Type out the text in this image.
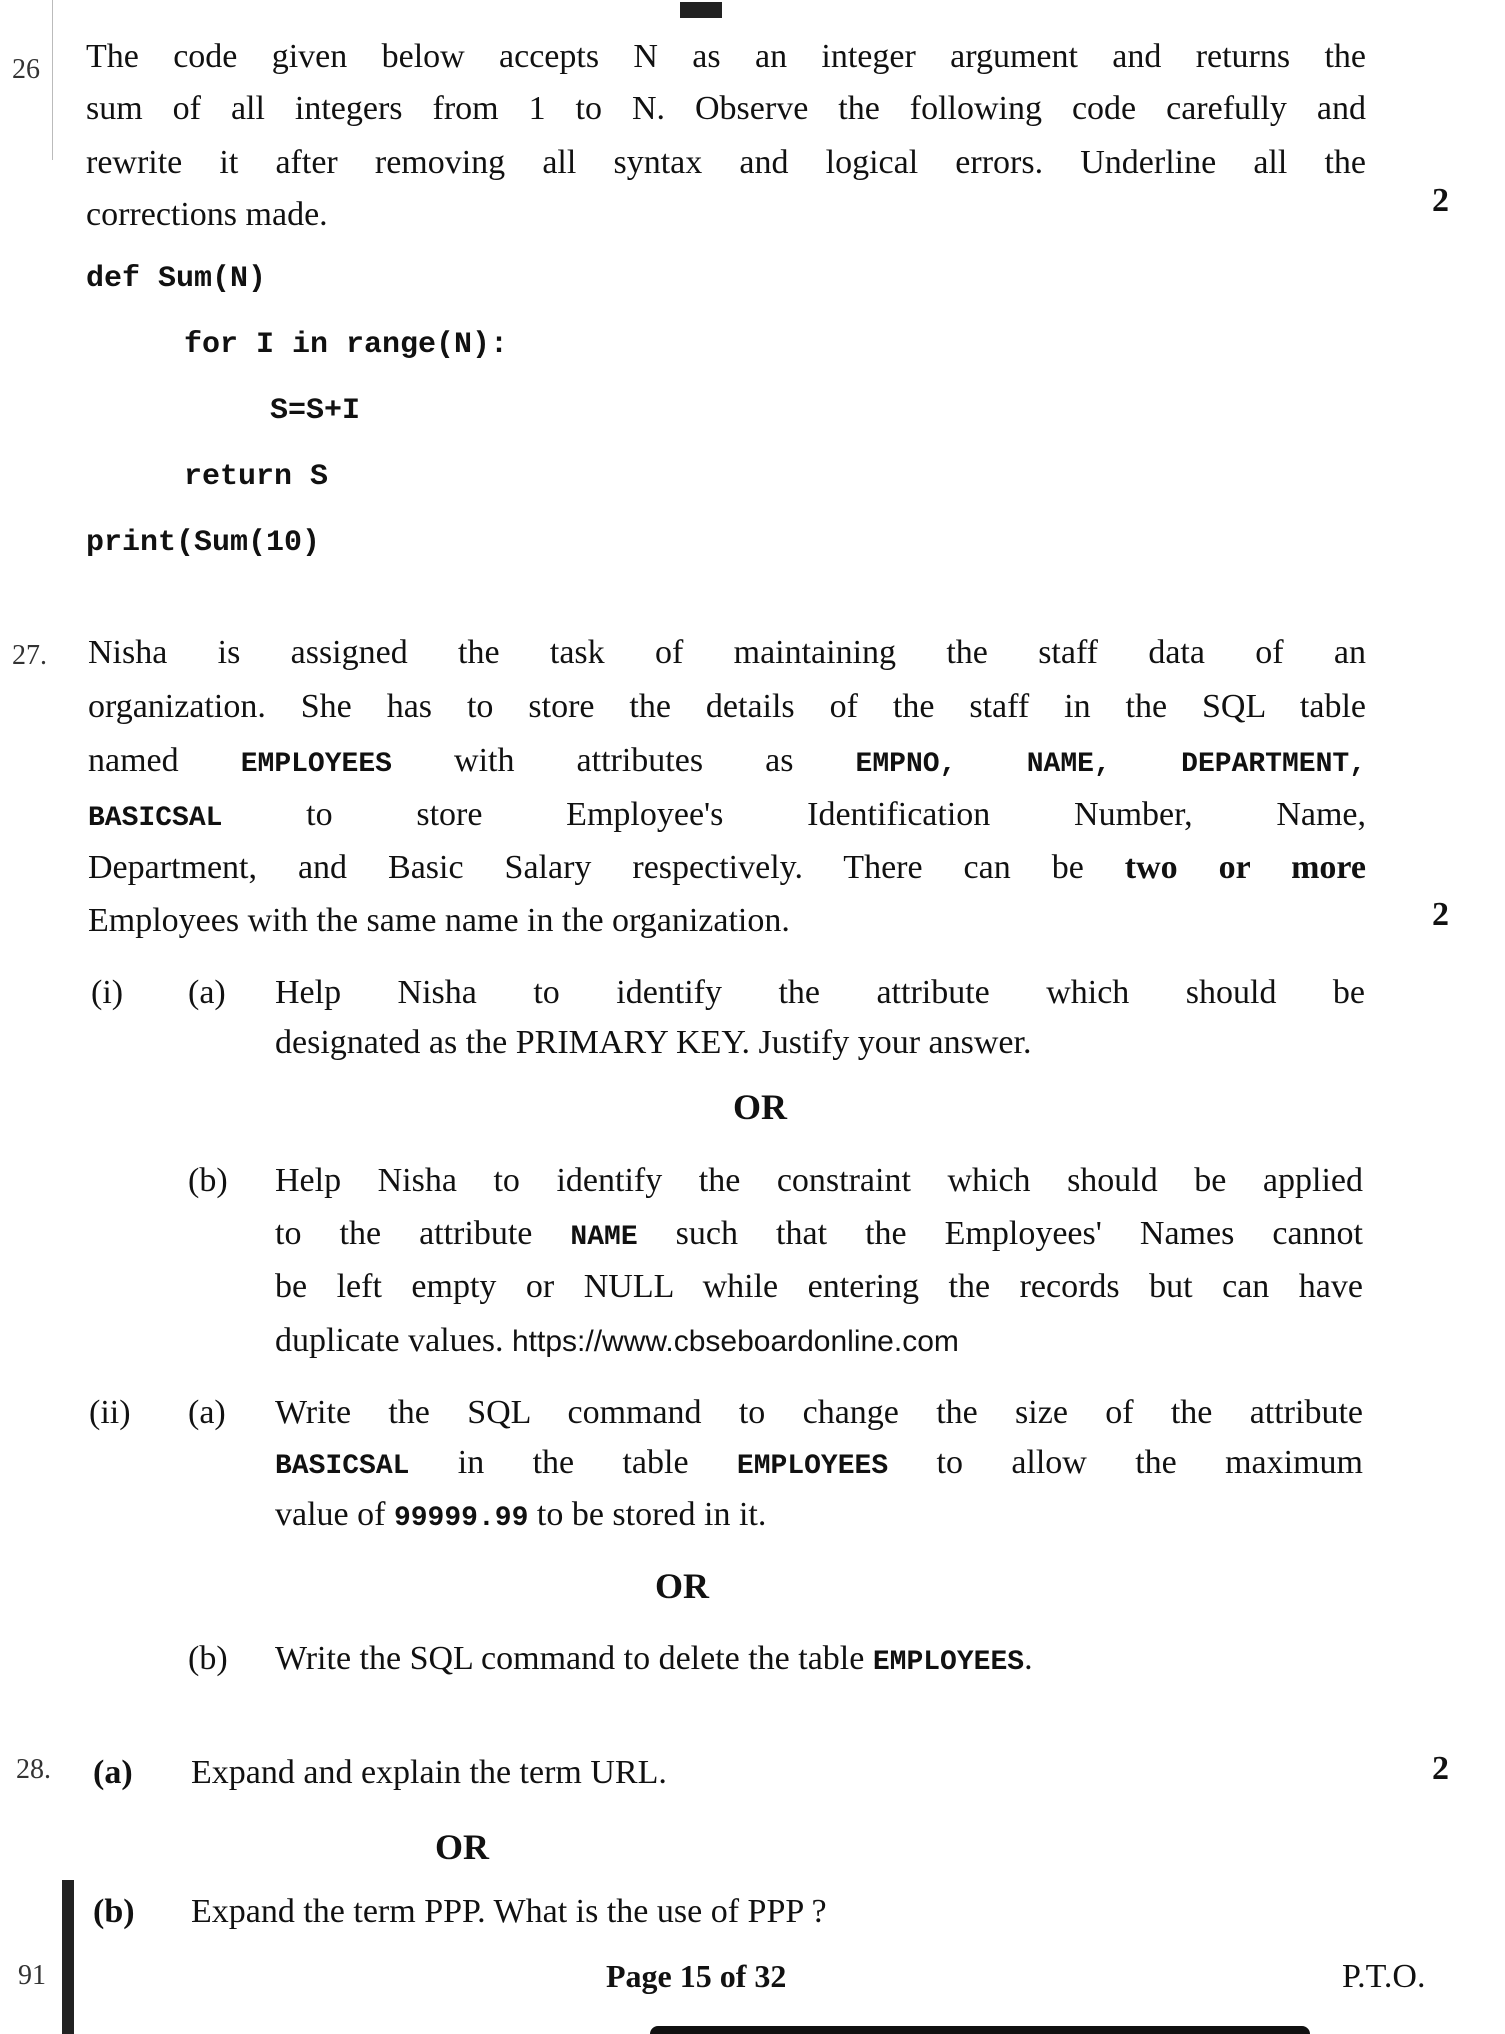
26 The code given below accepts N as an integer argument and returns the
sum of all integers from 1 to N. Observe the following code carefully and
rewrite it after removing all syntax and logical errors. Underline all the
corrections made.	2
def Sum(N)
for I in range(N):
S=S+I
return S
print(Sum(10)
27. Nisha is assigned the task of maintaining the staff data of an
organization. She has to store the details of the staff in the SQL table
named EMPLOYEES with attributes as EMPNO, NAME, DEPARTMENT,
BASICSAL to store Employee's Identification Number, Name,
Department, and Basic Salary respectively. There can be two or more
Employees with the same name in the organization.	2
(i) (a) Help Nisha to identify the attribute which should be
designated as the PRIMARY KEY. Justify your answer.
OR
(b) Help Nisha to identify the constraint which should be applied
to the attribute NAME such that the Employees' Names cannot
be left empty or NULL while entering the records but can have
duplicate values. https://www.cbseboardonline.com
(ii) (a) Write the SQL command to change the size of the attribute
BASICSAL in the table EMPLOYEES to allow the maximum
value of 99999.99 to be stored in it.
OR
(b) Write the SQL command to delete the table EMPLOYEES.
28. (a) Expand and explain the term URL.	2
OR
(b) Expand the term PPP. What is the use of PPP ?
91	Page 15 of 32	P.T.O.
